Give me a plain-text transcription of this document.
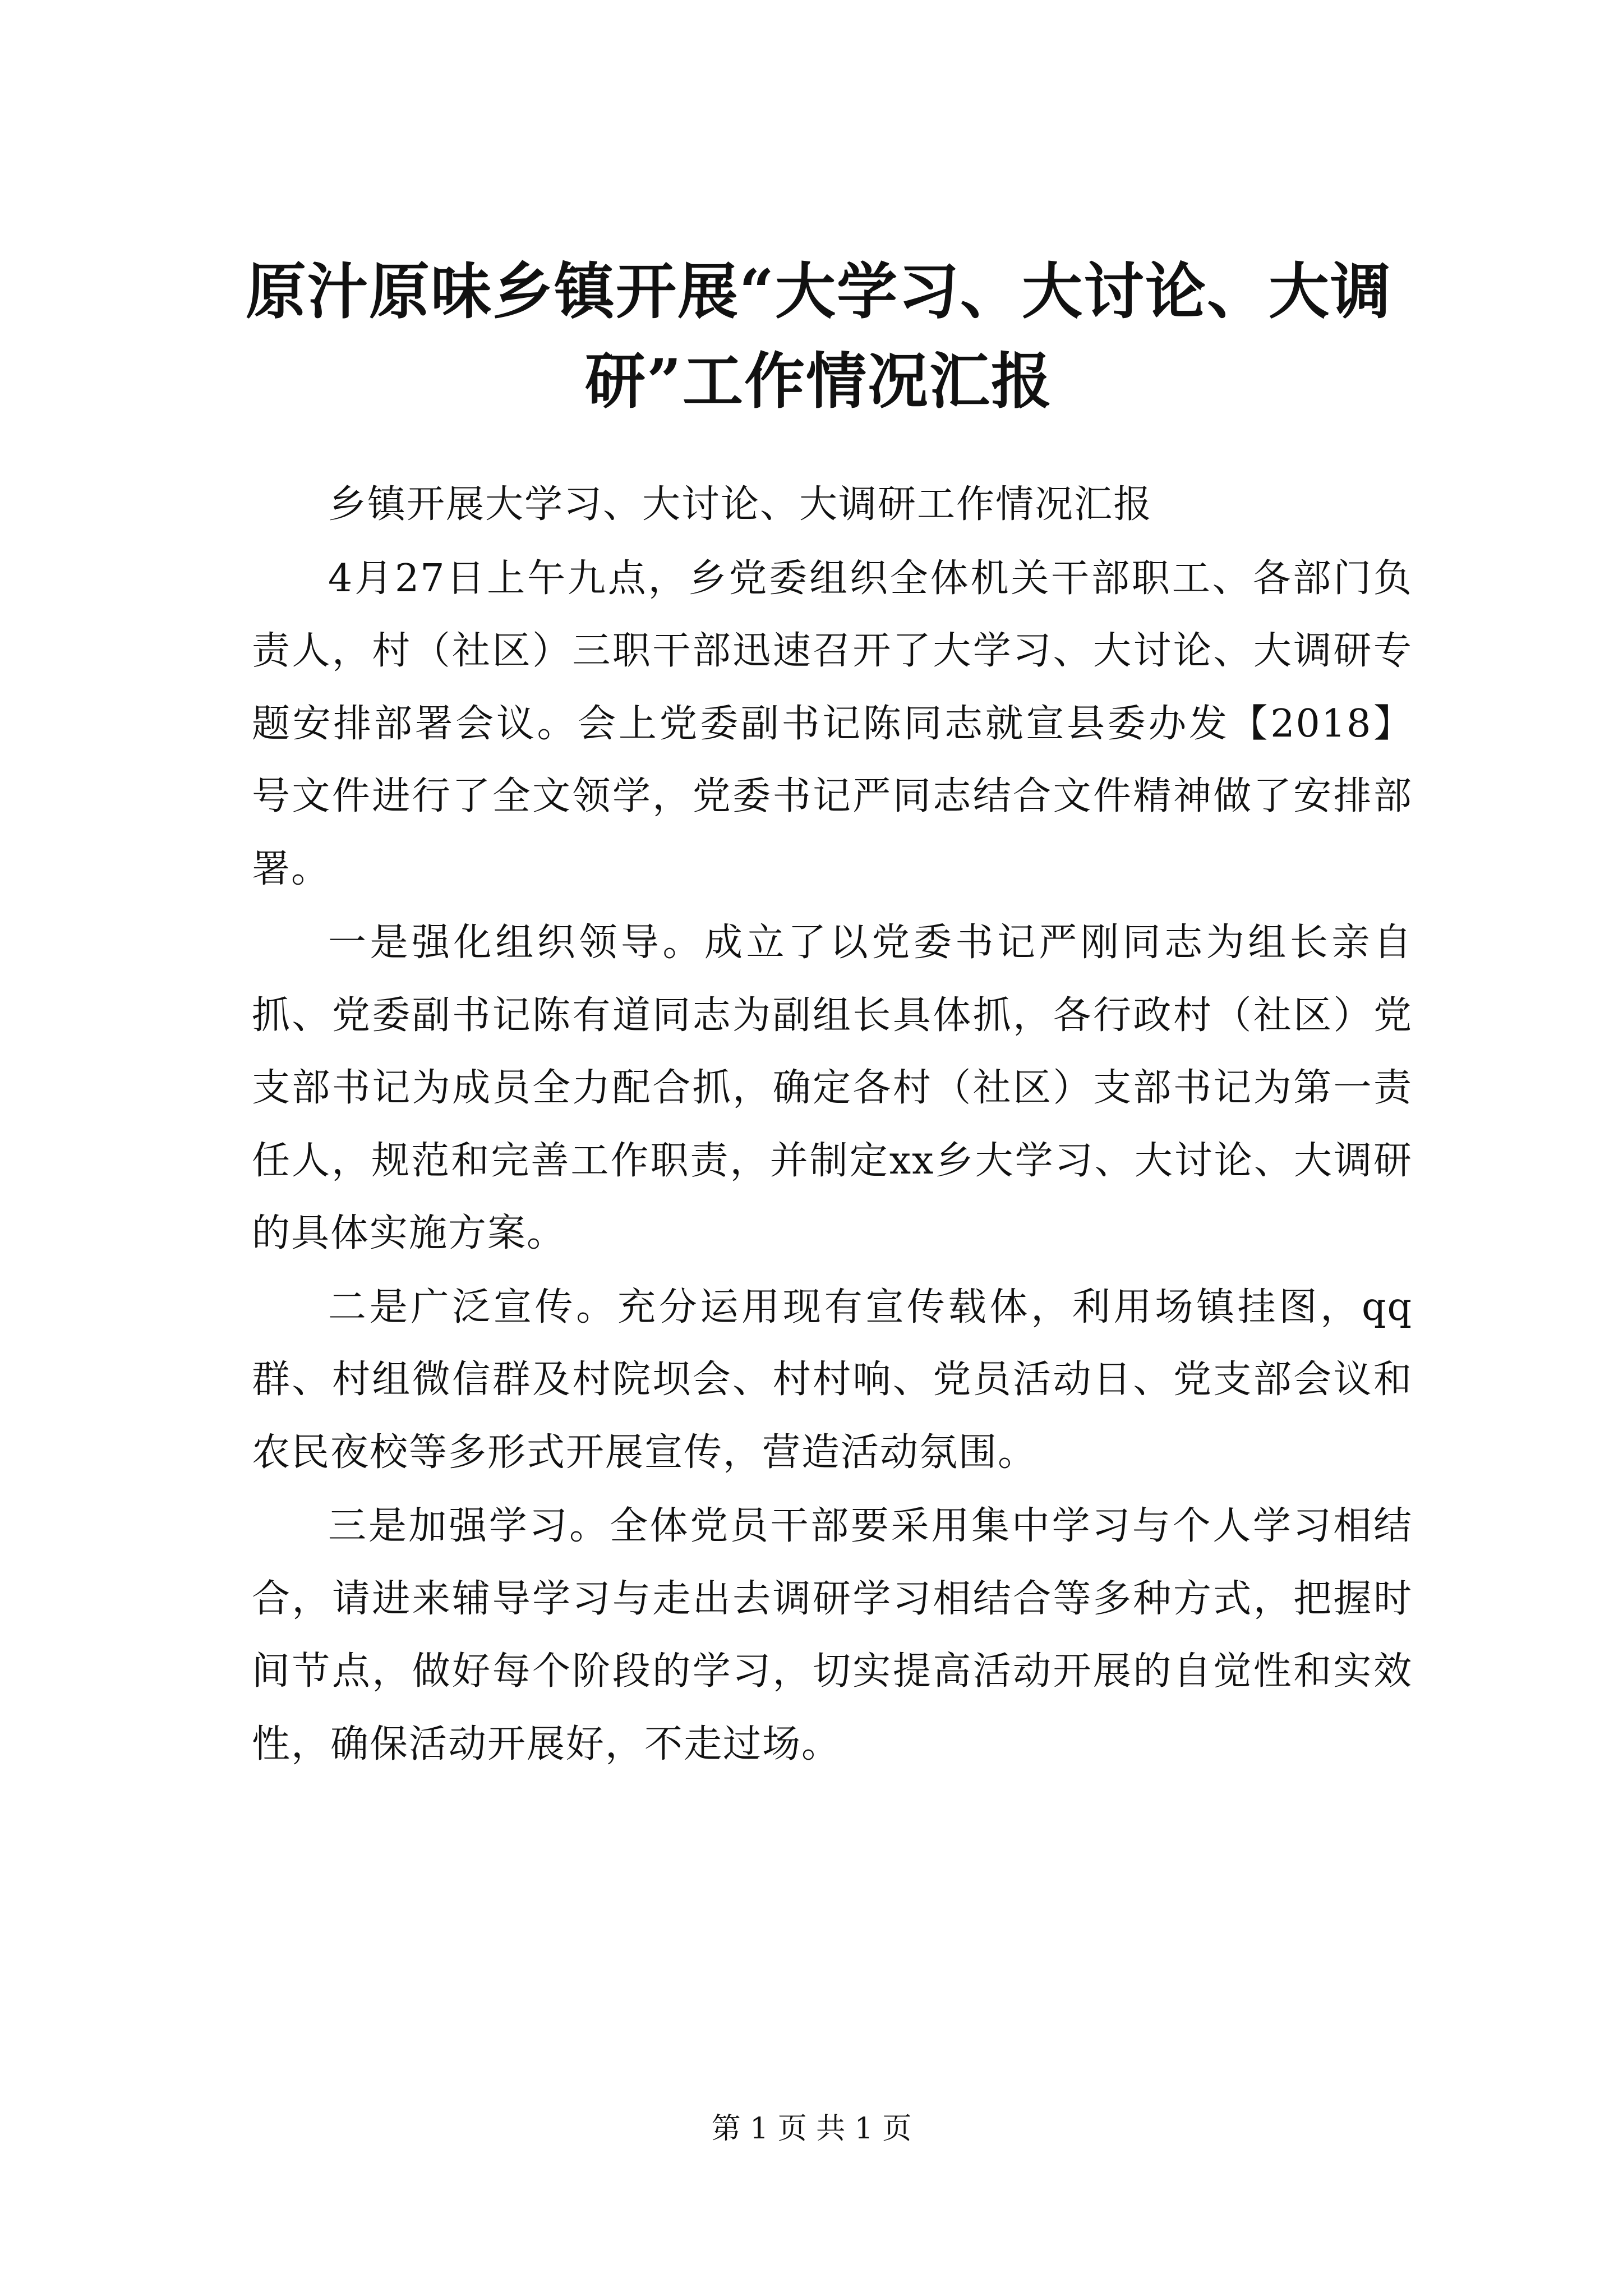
原汁原味乡镇开展“大学习、大讨论、大调研”工作情况汇报

乡镇开展大学习、大讨论、大调研工作情况汇报

4月27日上午九点，乡党委组织全体机关干部职工、各部门负责人，村（社区）三职干部迅速召开了大学习、大讨论、大调研专题安排部署会议。会上党委副书记陈同志就宣县委办发【2018】号文件进行了全文领学，党委书记严同志结合文件精神做了安排部署。

一是强化组织领导。成立了以党委书记严刚同志为组长亲自抓、党委副书记陈有道同志为副组长具体抓，各行政村（社区）党支部书记为成员全力配合抓，确定各村（社区）支部书记为第一责任人，规范和完善工作职责，并制定xx乡大学习、大讨论、大调研的具体实施方案。

二是广泛宣传。充分运用现有宣传载体，利用场镇挂图，qq群、村组微信群及村院坝会、村村响、党员活动日、党支部会议和农民夜校等多形式开展宣传，营造活动氛围。

三是加强学习。全体党员干部要采用集中学习与个人学习相结合，请进来辅导学习与走出去调研学习相结合等多种方式，把握时间节点，做好每个阶段的学习，切实提高活动开展的自觉性和实效性，确保活动开展好，不走过场。

第 1 页 共 1 页
